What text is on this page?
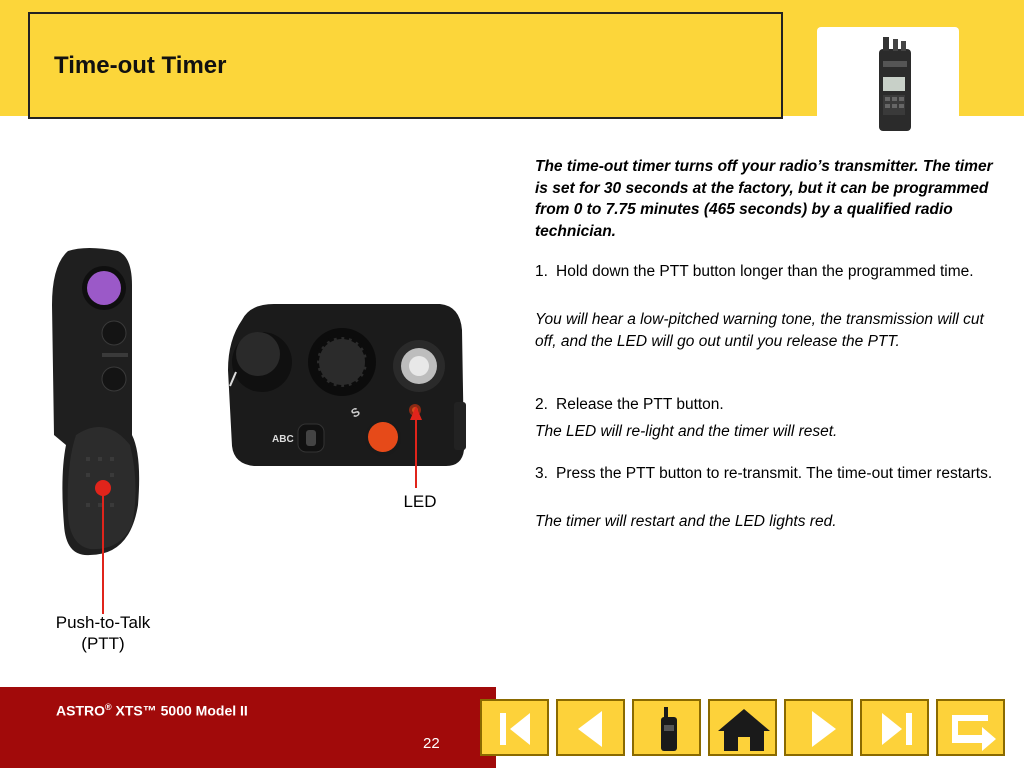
Time-out Timer
Push-to-Talk
(PTT)
S
ABC
LED
The time-out timer turns off your radio’s transmitter. The timer is set for 30 seconds at the factory, but it can be programmed from 0 to 7.75 minutes (465 seconds) by a qualified radio technician.
1. Hold down the PTT button longer than the programmed time.
You will hear a low-pitched warning tone, the transmission will cut off, and the LED will go out until you release the PTT.
2. Release the PTT button.
The LED will re-light and the timer will reset.
3. Press the PTT button to re-transmit. The time-out timer restarts.
The timer will restart and the LED lights red.
ASTRO® XTS™ 5000 Model II
22
